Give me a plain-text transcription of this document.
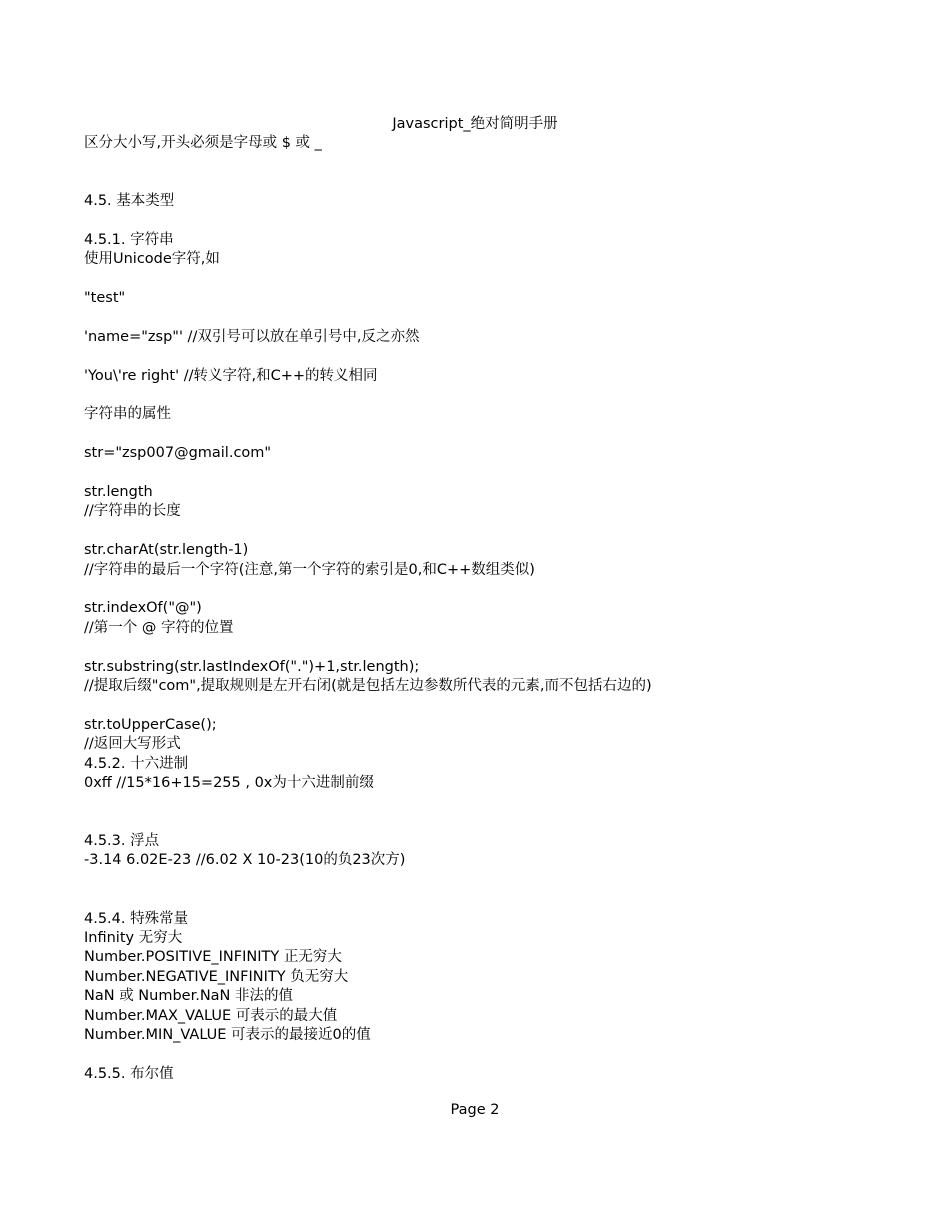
Javascript_绝对简明手册
区分大小写,开头必须是字母或 $ 或 _
4.5. 基本类型
4.5.1. 字符串
使用Unicode字符,如
"test"
'name="zsp"' //双引号可以放在单引号中,反之亦然
'You\'re right' //转义字符,和C++的转义相同
字符串的属性
str="zsp007@gmail.com"
str.length
//字符串的长度
str.charAt(str.length-1)
//字符串的最后一个字符(注意,第一个字符的索引是0,和C++数组类似)
str.indexOf("@")
//第一个 @ 字符的位置
str.substring(str.lastIndexOf(".")+1,str.length);
//提取后缀"com",提取规则是左开右闭(就是包括左边参数所代表的元素,而不包括右边的)
str.toUpperCase();
//返回大写形式
4.5.2. 十六进制
0xff //15*16+15=255 , 0x为十六进制前缀
4.5.3. 浮点
-3.14 6.02E-23 //6.02 X 10-23(10的负23次方)
4.5.4. 特殊常量
Infinity 无穷大
Number.POSITIVE_INFINITY 正无穷大
Number.NEGATIVE_INFINITY 负无穷大
NaN 或 Number.NaN 非法的值
Number.MAX_VALUE 可表示的最大值
Number.MIN_VALUE 可表示的最接近0的值
4.5.5. 布尔值
Page 2
